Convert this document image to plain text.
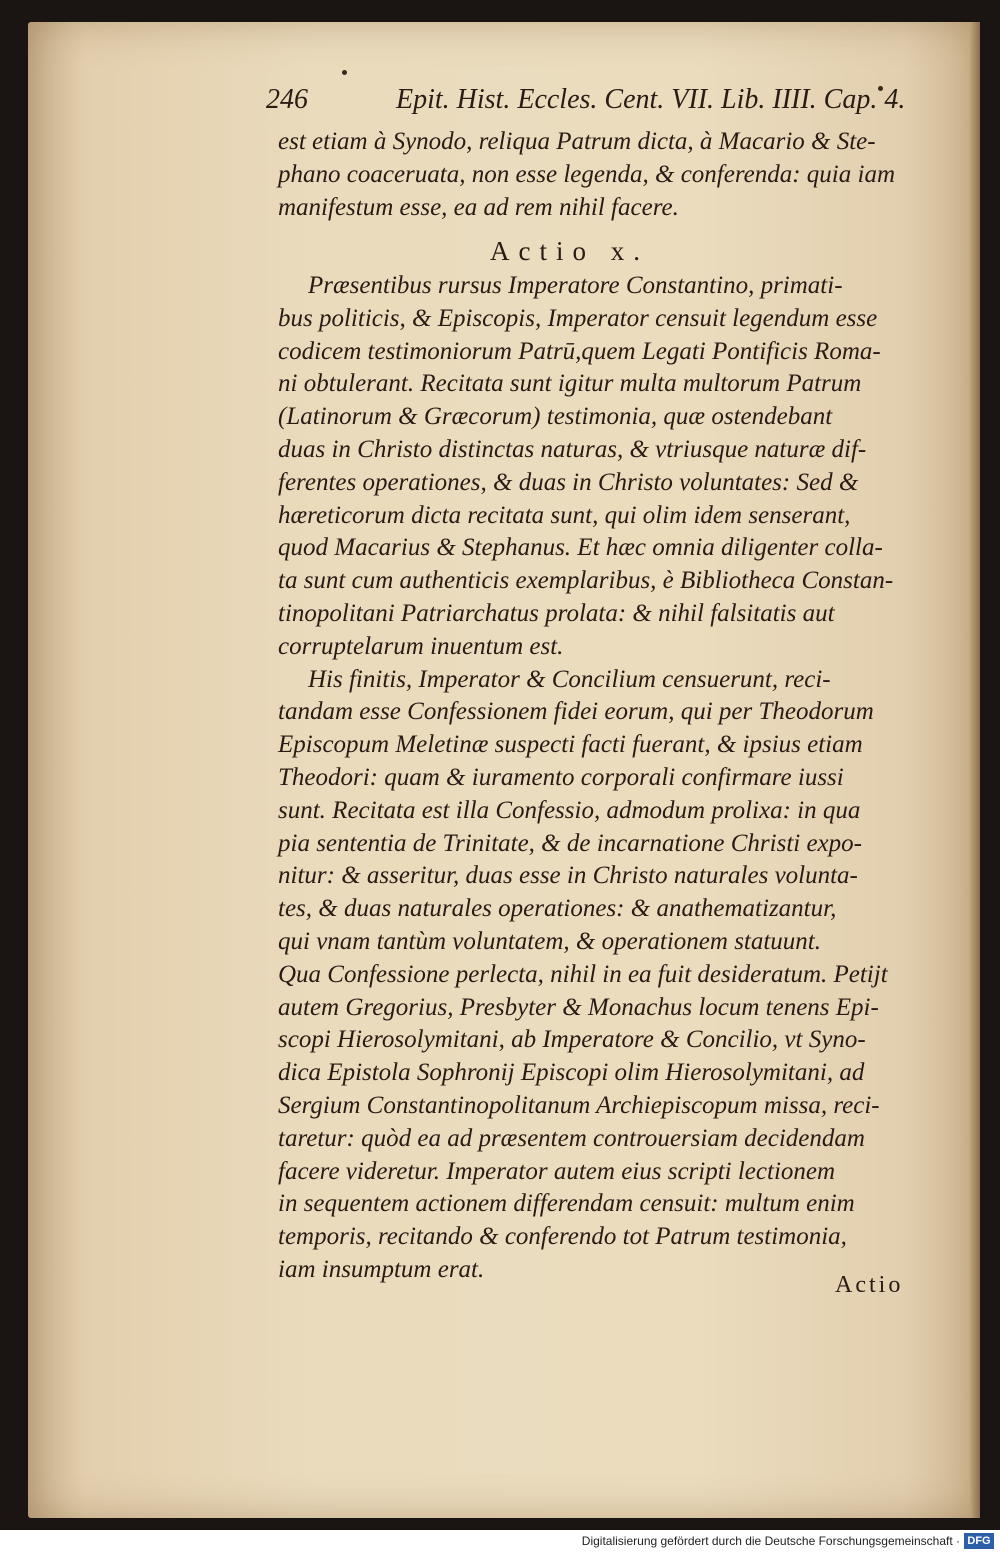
246	Epit. Hist. Eccles. Cent. VII. Lib. IIII. Cap. 4.
est etiam à Synodo, reliqua Patrum dicta, à Macario & Ste-
phano coaceruata, non esse legenda, & conferenda: quia iam
manifestum esse, ea ad rem nihil facere.
Actio x.
Præsentibus rursus Imperatore Constantino, primati-
bus politicis, & Episcopis, Imperator censuit legendum esse
codicem testimoniorum Patrū,quem Legati Pontificis Roma-
ni obtulerant. Recitata sunt igitur multa multorum Patrum
(Latinorum & Græcorum) testimonia, quæ ostendebant
duas in Christo distinctas naturas, & vtriusque naturæ dif-
ferentes operationes, & duas in Christo voluntates: Sed &
hæreticorum dicta recitata sunt, qui olim idem senserant,
quod Macarius & Stephanus. Et hæc omnia diligenter colla-
ta sunt cum authenticis exemplaribus, è Bibliotheca Constan-
tinopolitani Patriarchatus prolata: & nihil falsitatis aut
corruptelarum inuentum est.
His finitis, Imperator & Concilium censuerunt, reci-
tandam esse Confessionem fidei eorum, qui per Theodorum
Episcopum Meletinæ suspecti facti fuerant, & ipsius etiam
Theodori: quam & iuramento corporali confirmare iussi
sunt. Recitata est illa Confessio, admodum prolixa: in qua
pia sententia de Trinitate, & de incarnatione Christi expo-
nitur: & asseritur, duas esse in Christo naturales volunta-
tes, & duas naturales operationes: & anathematizantur,
qui vnam tantùm voluntatem, & operationem statuunt.
Qua Confessione perlecta, nihil in ea fuit desideratum. Petijt
autem Gregorius, Presbyter & Monachus locum tenens Epi-
scopi Hierosolymitani, ab Imperatore & Concilio, vt Syno-
dica Epistola Sophronij Episcopi olim Hierosolymitani, ad
Sergium Constantinopolitanum Archiepiscopum missa, reci-
taretur: quòd ea ad præsentem controuersiam decidendam
facere videretur. Imperator autem eius scripti lectionem
in sequentem actionem differendam censuit: multum enim
temporis, recitando & conferendo tot Patrum testimonia,
iam insumptum erat.
Actio
Digitalisierung gefördert durch die Deutsche Forschungsgemeinschaft · DFG
